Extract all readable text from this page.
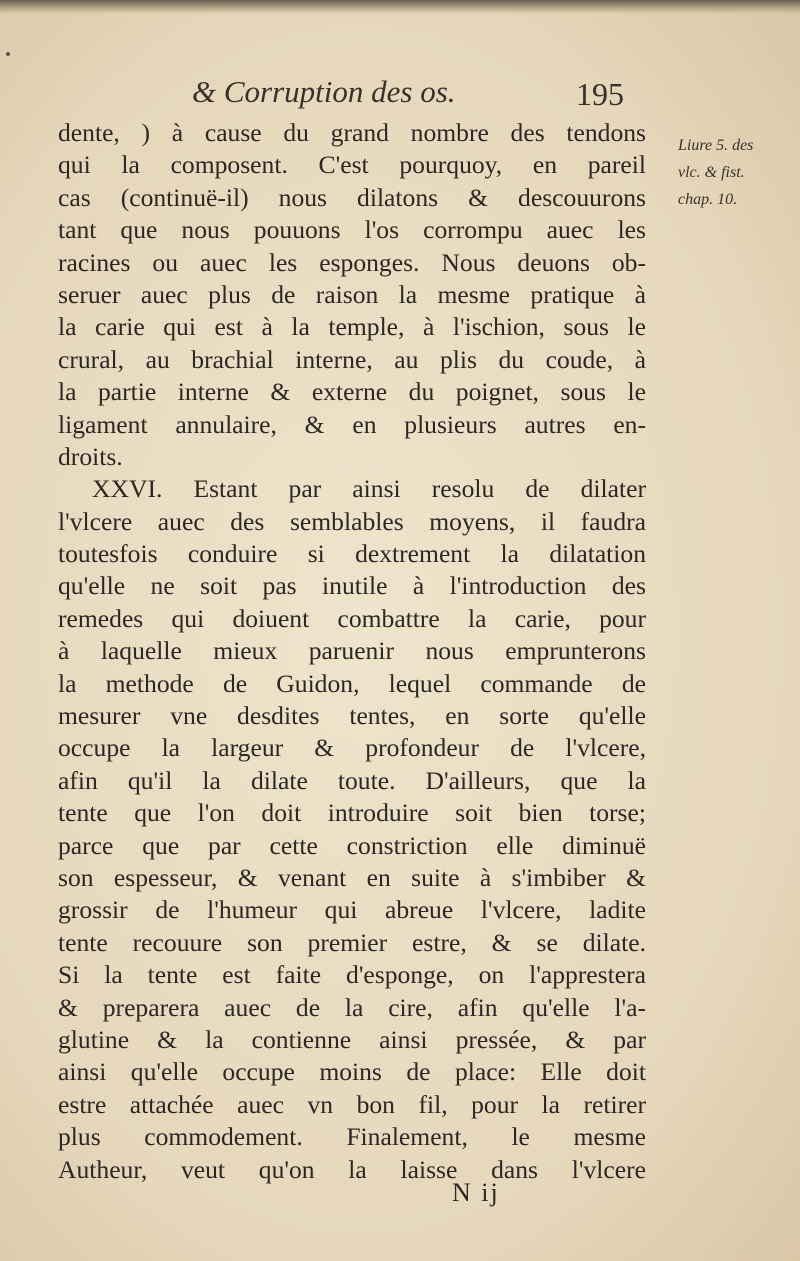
& Corruption des os.	195
dente, ) à cause du grand nombre des tendons
qui la composent. C'est pourquoy, en pareil
cas (continuë-il) nous dilatons & descouurons
tant que nous pouuons l'os corrompu auec les
racines ou auec les esponges. Nous deuons ob-
seruer auec plus de raison la mesme pratique à
la carie qui est à la temple, à l'ischion, sous le
crural, au brachial interne, au plis du coude, à
la partie interne & externe du poignet, sous le
ligament annulaire, & en plusieurs autres en-
droits.
XXVI. Estant par ainsi resolu de dilater
l'vlcere auec des semblables moyens, il faudra
toutesfois conduire si dextrement la dilatation
qu'elle ne soit pas inutile à l'introduction des
remedes qui doiuent combattre la carie, pour
à laquelle mieux paruenir nous emprunterons
la methode de Guidon, lequel commande de
mesurer vne desdites tentes, en sorte qu'elle
occupe la largeur & profondeur de l'vlcere,
afin qu'il la dilate toute. D'ailleurs, que la
tente que l'on doit introduire soit bien torse;
parce que par cette constriction elle diminuë
son espesseur, & venant en suite à s'imbiber &
grossir de l'humeur qui abreue l'vlcere, ladite
tente recouure son premier estre, & se dilate.
Si la tente est faite d'esponge, on l'apprestera
& preparera auec de la cire, afin qu'elle l'a-
glutine & la contienne ainsi pressée, & par
ainsi qu'elle occupe moins de place: Elle doit
estre attachée auec vn bon fil, pour la retirer
plus commodement. Finalement, le mesme
Autheur, veut qu'on la laisse dans l'vlcere
Liure 5. des
vlc. & fist.
chap. 10.
N ij
